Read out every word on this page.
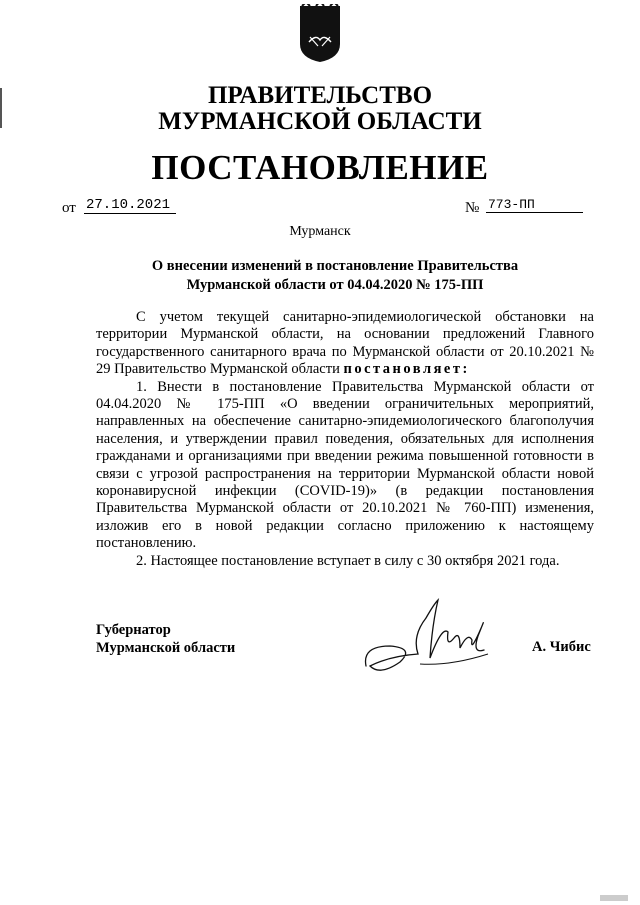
ПРАВИТЕЛЬСТВО
МУРМАНСКОЙ ОБЛАСТИ
ПОСТАНОВЛЕНИЕ
от 27.10.2021	№ 773-ПП
Мурманск
О внесении изменений в постановление Правительства
Мурманской области от 04.04.2020 № 175-ПП

С учетом текущей санитарно-эпидемиологической обстановки на территории Мурманской области, на основании предложений Главного государственного санитарного врача по Мурманской области от 20.10.2021 № 29 Правительство Мурманской области постановляет:

1. Внести в постановление Правительства Мурманской области от 04.04.2020 № 175-ПП «О введении ограничительных мероприятий, направленных на обеспечение санитарно-эпидемиологического благополучия населения, и утверждении правил поведения, обязательных для исполнения гражданами и организациями при введении режима повышенной готовности в связи с угрозой распространения на территории Мурманской области новой коронавирусной инфекции (COVID-19)» (в редакции постановления Правительства Мурманской области от 20.10.2021 № 760-ПП) изменения, изложив его в новой редакции согласно приложению к настоящему постановлению.

2. Настоящее постановление вступает в силу с 30 октября 2021 года.

Губернатор
Мурманской области	А. Чибис
